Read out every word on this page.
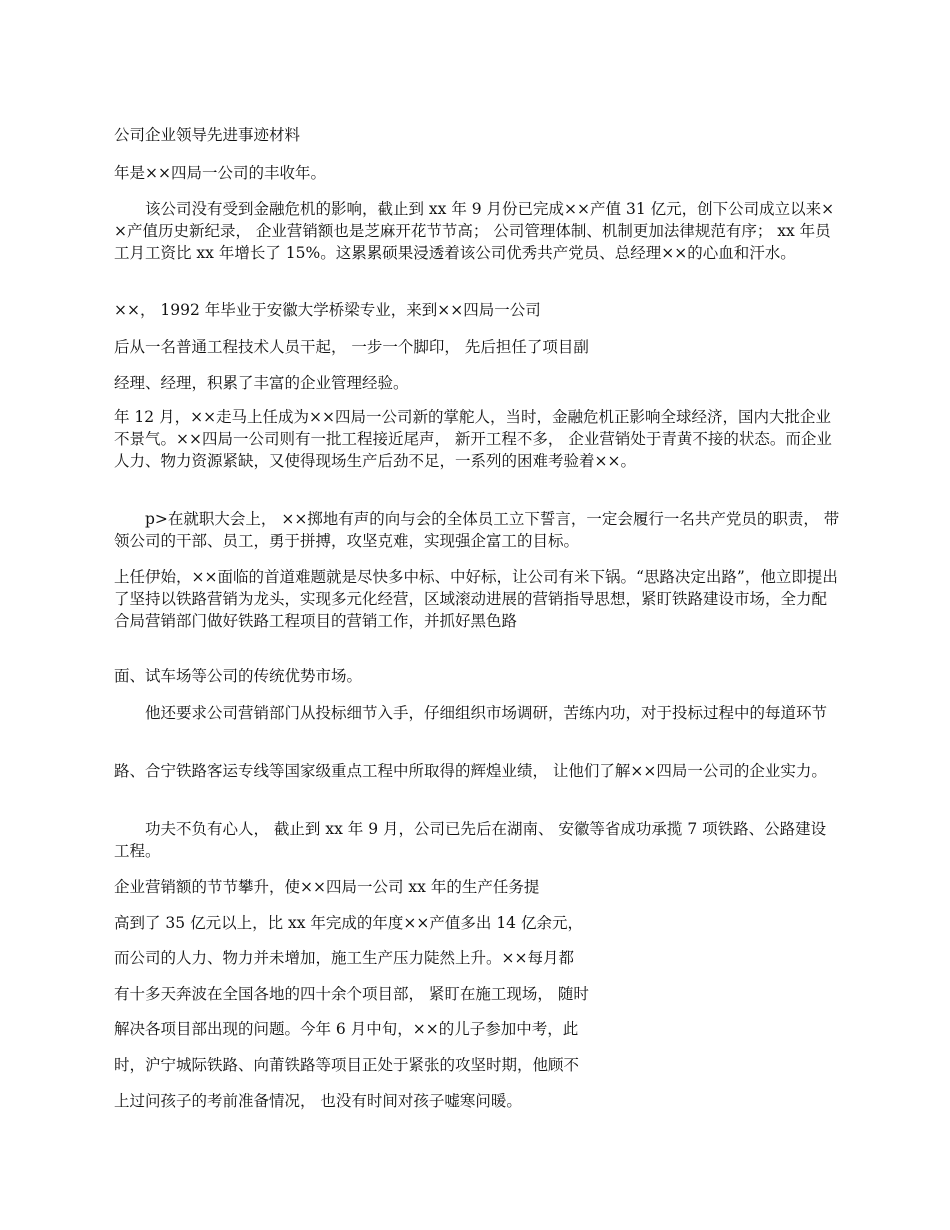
公司企业领导先进事迹材料

年是××四局一公司的丰收年。

该公司没有受到金融危机的影响，截止到 xx 年 9 月份已完成××产值 31 亿元，创下公司成立以来××产值历史新纪录， 企业营销额也是芝麻开花节节高； 公司管理体制、机制更加法律规范有序； xx 年员工月工资比 xx 年增长了 15%。这累累硕果浸透着该公司优秀共产党员、总经理××的心血和汗水。

××， 1992 年毕业于安徽大学桥梁专业，来到××四局一公司

后从一名普通工程技术人员干起， 一步一个脚印， 先后担任了项目副

经理、经理，积累了丰富的企业管理经验。

年 12 月，××走马上任成为××四局一公司新的掌舵人，当时，金融危机正影响全球经济，国内大批企业不景气。××四局一公司则有一批工程接近尾声， 新开工程不多， 企业营销处于青黄不接的状态。而企业人力、物力资源紧缺，又使得现场生产后劲不足，一系列的困难考验着××。

p>在就职大会上， ××掷地有声的向与会的全体员工立下誓言，一定会履行一名共产党员的职责， 带领公司的干部、员工，勇于拼搏，攻坚克难，实现强企富工的目标。

上任伊始，××面临的首道难题就是尽快多中标、中好标，让公司有米下锅。“思路决定出路”，他立即提出了坚持以铁路营销为龙头，实现多元化经营，区域滚动进展的营销指导思想，紧盯铁路建设市场，全力配合局营销部门做好铁路工程项目的营销工作，并抓好黑色路

面、试车场等公司的传统优势市场。

他还要求公司营销部门从投标细节入手，仔细组织市场调研，苦练内功，对于投标过程中的每道环节

路、合宁铁路客运专线等国家级重点工程中所取得的辉煌业绩， 让他们了解××四局一公司的企业实力。

功夫不负有心人， 截止到 xx 年 9 月，公司已先后在湖南、 安徽等省成功承揽 7 项铁路、公路建设工程。

企业营销额的节节攀升，使××四局一公司 xx 年的生产任务提

高到了 35 亿元以上，比 xx 年完成的年度××产值多出 14 亿余元，

而公司的人力、物力并未增加，施工生产压力陡然上升。××每月都

有十多天奔波在全国各地的四十余个项目部， 紧盯在施工现场， 随时

解决各项目部出现的问题。今年 6 月中旬，××的儿子参加中考，此

时，沪宁城际铁路、向莆铁路等项目正处于紧张的攻坚时期，他顾不

上过问孩子的考前准备情况， 也没有时间对孩子嘘寒问暖。
